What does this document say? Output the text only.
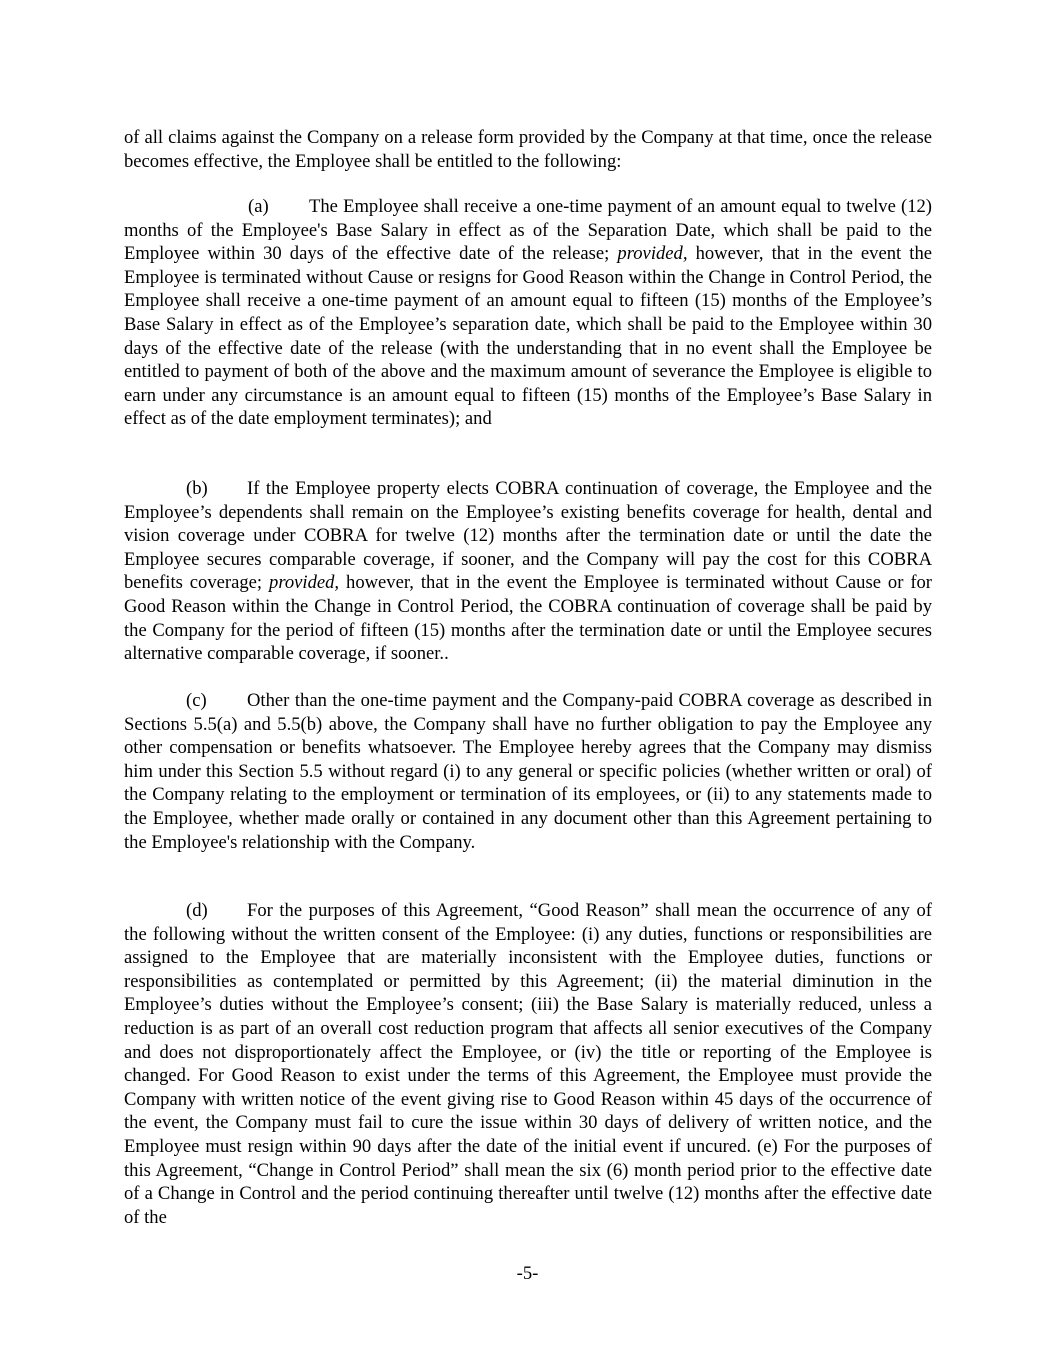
of all claims against the Company on a release form provided by the Company at that time, once the release becomes effective, the Employee shall be entitled to the following:

(a) The Employee shall receive a one-time payment of an amount equal to twelve (12) months of the Employee's Base Salary in effect as of the Separation Date, which shall be paid to the Employee within 30 days of the effective date of the release; provided, however, that in the event the Employee is terminated without Cause or resigns for Good Reason within the Change in Control Period, the Employee shall receive a one-time payment of an amount equal to fifteen (15) months of the Employee’s Base Salary in effect as of the Employee’s separation date, which shall be paid to the Employee within 30 days of the effective date of the release (with the understanding that in no event shall the Employee be entitled to payment of both of the above and the maximum amount of severance the Employee is eligible to earn under any circumstance is an amount equal to fifteen (15) months of the Employee’s Base Salary in effect as of the date employment terminates); and

(b) If the Employee property elects COBRA continuation of coverage, the Employee and the Employee’s dependents shall remain on the Employee’s existing benefits coverage for health, dental and vision coverage under COBRA for twelve (12) months after the termination date or until the date the Employee secures comparable coverage, if sooner, and the Company will pay the cost for this COBRA benefits coverage; provided, however, that in the event the Employee is terminated without Cause or for Good Reason within the Change in Control Period, the COBRA continuation of coverage shall be paid by the Company for the period of fifteen (15) months after the termination date or until the Employee secures alternative comparable coverage, if sooner..

(c) Other than the one-time payment and the Company-paid COBRA coverage as described in Sections 5.5(a) and 5.5(b) above, the Company shall have no further obligation to pay the Employee any other compensation or benefits whatsoever. The Employee hereby agrees that the Company may dismiss him under this Section 5.5 without regard (i) to any general or specific policies (whether written or oral) of the Company relating to the employment or termination of its employees, or (ii) to any statements made to the Employee, whether made orally or contained in any document other than this Agreement pertaining to the Employee's relationship with the Company.

(d) For the purposes of this Agreement, “Good Reason” shall mean the occurrence of any of the following without the written consent of the Employee: (i) any duties, functions or responsibilities are assigned to the Employee that are materially inconsistent with the Employee duties, functions or responsibilities as contemplated or permitted by this Agreement; (ii) the material diminution in the Employee’s duties without the Employee’s consent; (iii) the Base Salary is materially reduced, unless a reduction is as part of an overall cost reduction program that affects all senior executives of the Company and does not disproportionately affect the Employee, or (iv) the title or reporting of the Employee is changed. For Good Reason to exist under the terms of this Agreement, the Employee must provide the Company with written notice of the event giving rise to Good Reason within 45 days of the occurrence of the event, the Company must fail to cure the issue within 30 days of delivery of written notice, and the Employee must resign within 90 days after the date of the initial event if uncured. (e) For the purposes of this Agreement, “Change in Control Period” shall mean the six (6) month period prior to the effective date of a Change in Control and the period continuing thereafter until twelve (12) months after the effective date of the

-5-
